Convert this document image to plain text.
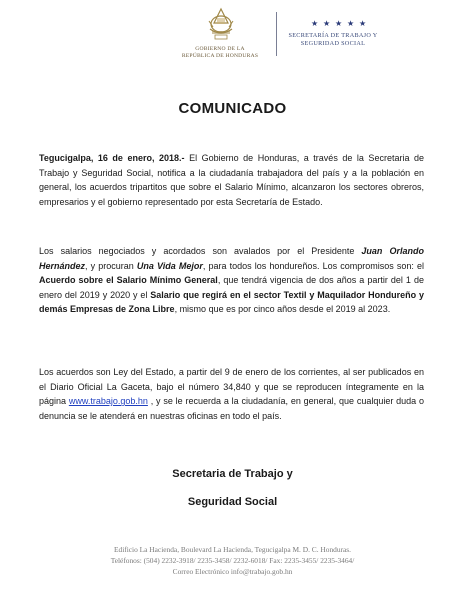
GOBIERNO DE LA
REPÚBLICA DE HONDURAS
★ ★ ★ ★ ★
SECRETARÍA DE TRABAJO Y
SEGURIDAD SOCIAL
COMUNICADO
Tegucigalpa, 16 de enero, 2018.- El Gobierno de Honduras, a través de la Secretaria de Trabajo y Seguridad Social, notifica a la ciudadanía trabajadora del país y a la población en general, los acuerdos tripartitos que sobre el Salario Mínimo, alcanzaron los sectores obreros, empresarios y el gobierno representado por esta Secretaría de Estado.
Los salarios negociados y acordados son avalados por el Presidente Juan Orlando Hernández, y procuran Una Vida Mejor, para todos los hondureños. Los compromisos son: el Acuerdo sobre el Salario Mínimo General, que tendrá vigencia de dos años a partir del 1 de enero del 2019 y 2020 y el Salario que regirá en el sector Textil y Maquilador Hondureño y demás Empresas de Zona Libre, mismo que es por cinco años desde el 2019 al 2023.
Los acuerdos son Ley del Estado, a partir del 9 de enero de los corrientes, al ser publicados en el Diario Oficial La Gaceta, bajo el número 34,840 y que se reproducen íntegramente en la página www.trabajo.gob.hn , y se le recuerda a la ciudadanía, en general, que cualquier duda o denuncia se le atenderá en nuestras oficinas en todo el país.
Secretaria de Trabajo y
Seguridad Social
Edificio La Hacienda, Boulevard La Hacienda, Tegucigalpa M. D. C. Honduras.
Teléfonos: (504) 2232-3918/ 2235-3458/ 2232-6018/ Fax: 2235-3455/ 2235-3464/
Correo Electrónico info@trabajo.gob.hn
